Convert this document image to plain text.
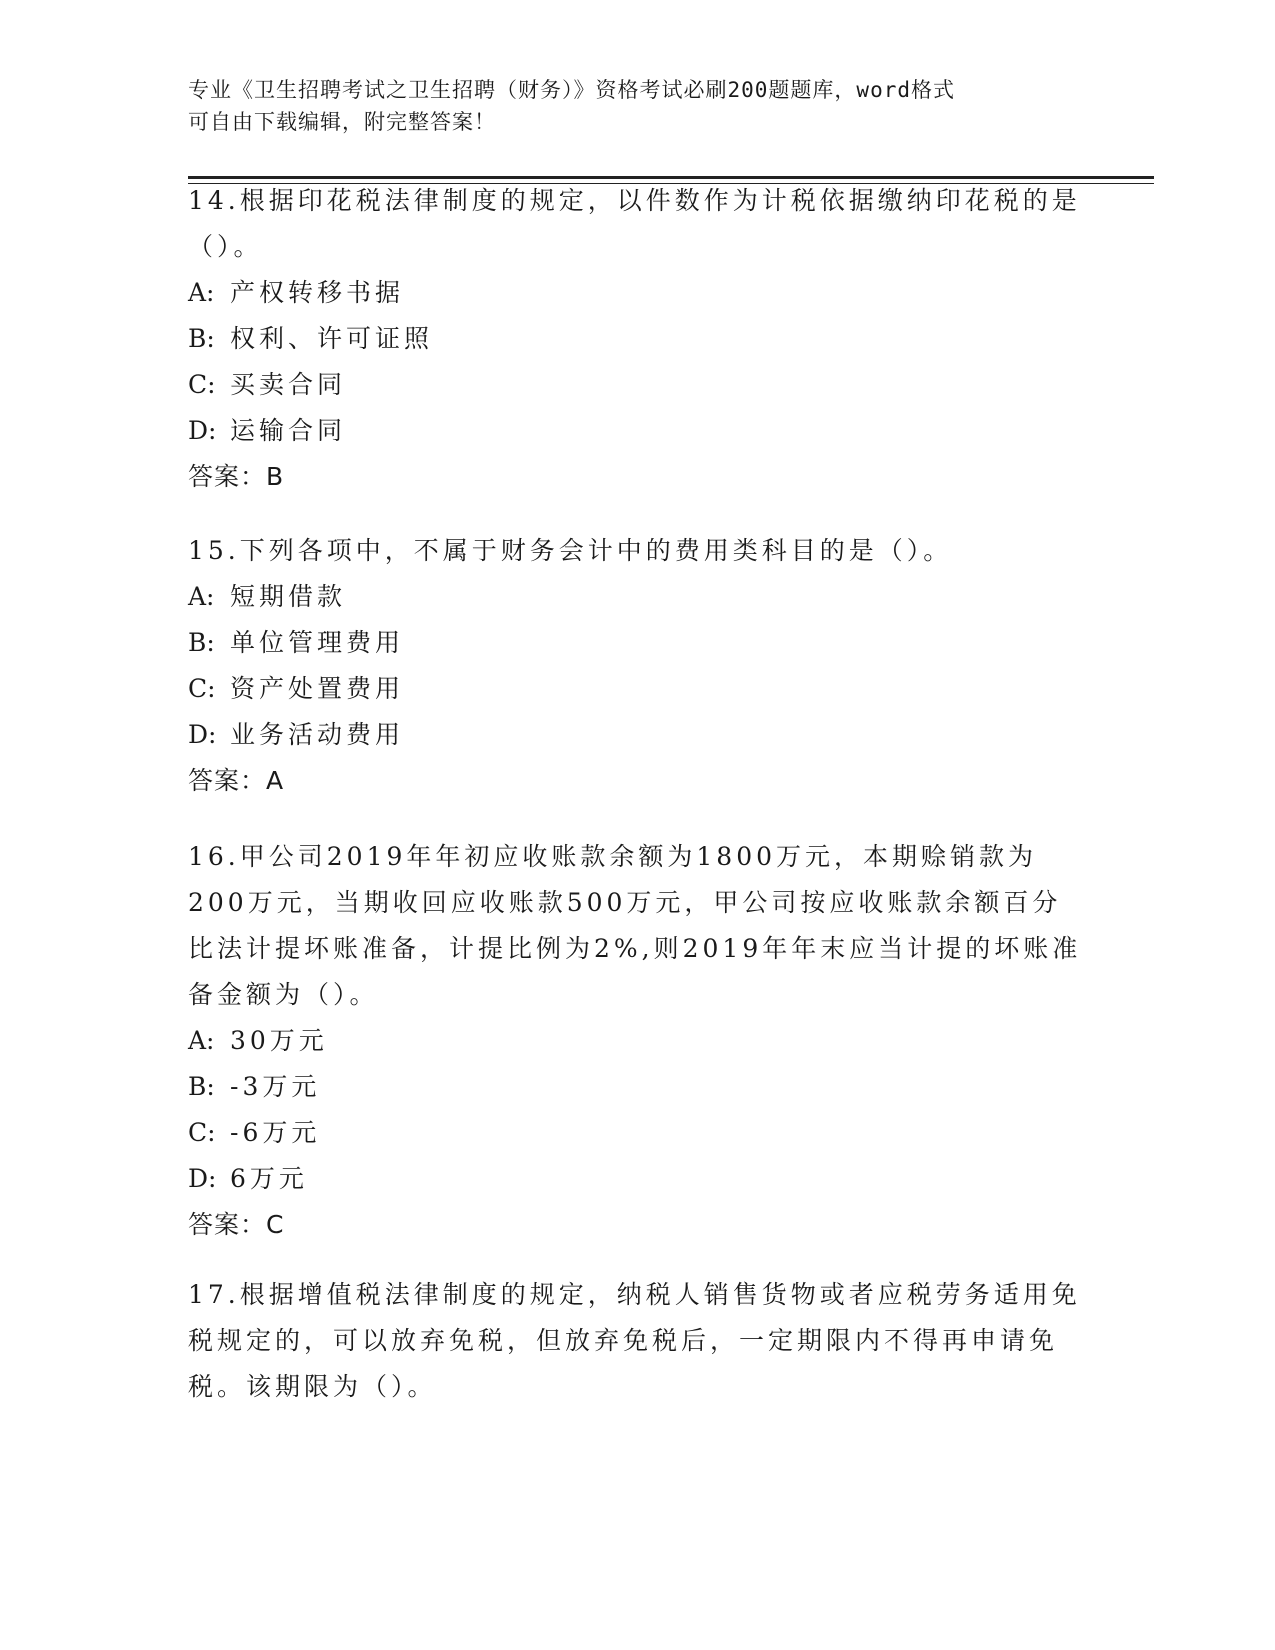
专业《卫生招聘考试之卫生招聘（财务）》资格考试必刷200题题库，word格式
可自由下载编辑，附完整答案！
14.根据印花税法律制度的规定，以件数作为计税依据缴纳印花税的是（）。
A: 产权转移书据
B: 权利、许可证照
C: 买卖合同
D: 运输合同
答案：B
15.下列各项中，不属于财务会计中的费用类科目的是（）。
A: 短期借款
B: 单位管理费用
C: 资产处置费用
D: 业务活动费用
答案：A
16.甲公司2019年年初应收账款余额为1800万元，本期赊销款为200万元，当期收回应收账款500万元，甲公司按应收账款余额百分比法计提坏账准备，计提比例为2%,则2019年年末应当计提的坏账准备金额为（）。
A: 30万元
B: -3万元
C: -6万元
D: 6万元
答案：C
17.根据增值税法律制度的规定，纳税人销售货物或者应税劳务适用免税规定的，可以放弃免税，但放弃免税后，一定期限内不得再申请免税。该期限为（）。
